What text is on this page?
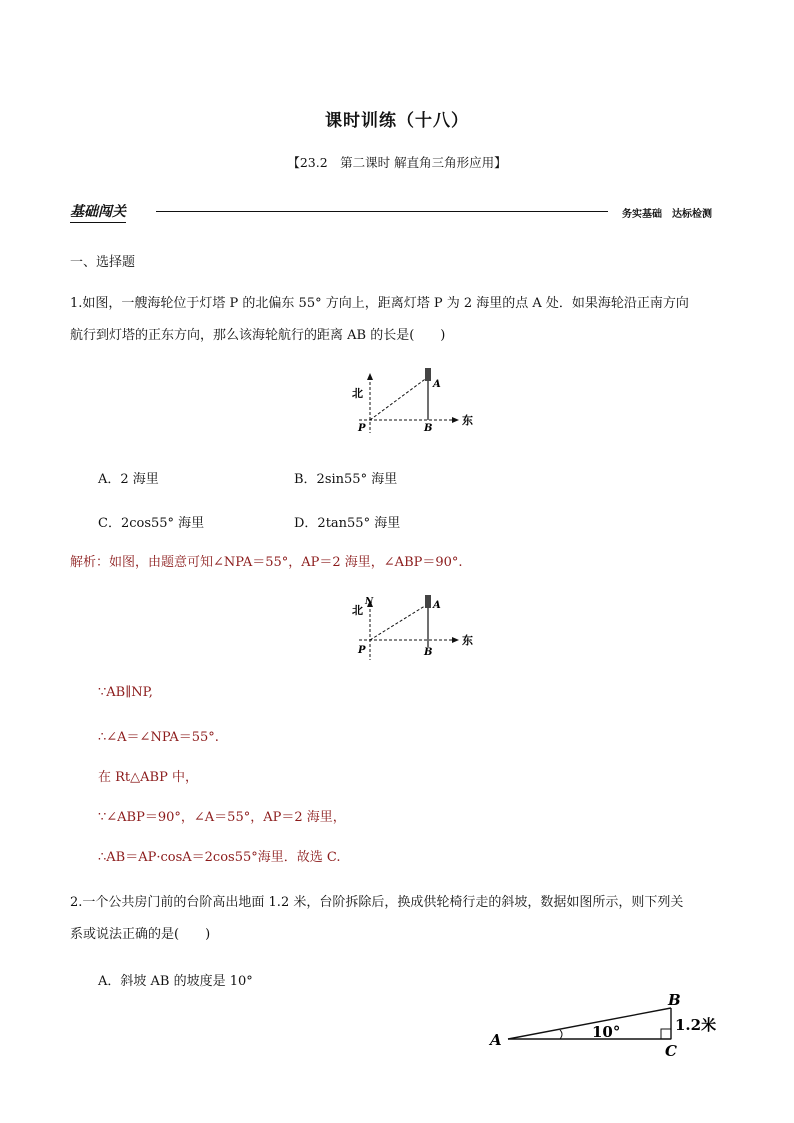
课时训练（十八）
【23.2　第二课时 解直角三角形应用】
基础闯关	务实基础　达标检测
一、选择题
1.如图，一艘海轮位于灯塔 P 的北偏东 55° 方向上，距离灯塔 P 为 2 海里的点 A 处．如果海轮沿正南方向
航行到灯塔的正东方向，那么该海轮航行的距离 AB 的长是(　　)
北
东
P
A
B
A．2 海里	B．2sin55° 海里
C．2cos55° 海里	D．2tan55° 海里
解析：如图，由题意可知∠NPA＝55°，AP＝2 海里，∠ABP＝90°.
北
N
东
P
A
B
∵AB∥NP,
∴∠A＝∠NPA＝55°.
在 Rt△ABP 中，
∵∠ABP＝90°，∠A＝55°，AP＝2 海里，
∴AB＝AP·cosA＝2cos55°海里．故选 C.
2.一个公共房门前的台阶高出地面 1.2 米，台阶拆除后，换成供轮椅行走的斜坡，数据如图所示，则下列关
系或说法正确的是(　　)
A．斜坡 AB 的坡度是 10°
A
B
C
10°	1.2米
